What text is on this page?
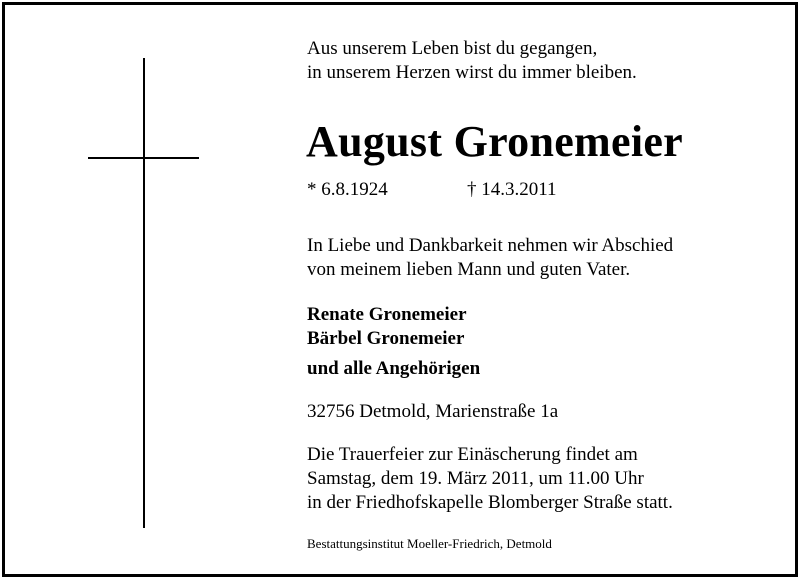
Aus unserem Leben bist du gegangen,
in unserem Herzen wirst du immer bleiben.
August Gronemeier
* 6.8.1924	† 14.3.2011
In Liebe und Dankbarkeit nehmen wir Abschied
von meinem lieben Mann und guten Vater.
Renate Gronemeier
Bärbel Gronemeier
und alle Angehörigen
32756 Detmold, Marienstraße 1a
Die Trauerfeier zur Einäscherung findet am
Samstag, dem 19. März 2011, um 11.00 Uhr
in der Friedhofskapelle Blomberger Straße statt.
Bestattungsinstitut Moeller-Friedrich, Detmold
